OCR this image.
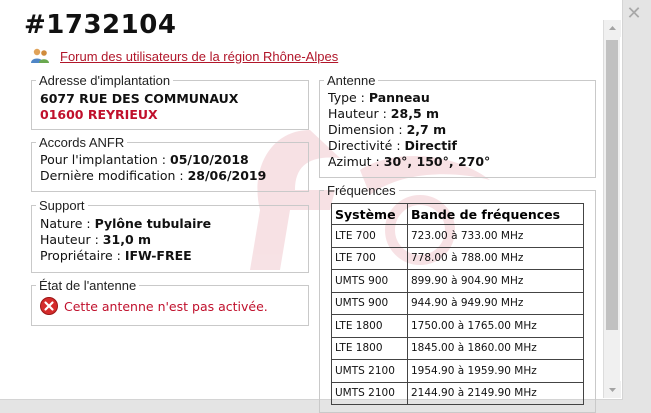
#1732104
Forum des utilisateurs de la région Rhône-Alpes
Adresse d'implantation
6077 RUE DES COMMUNAUX
01600 REYRIEUX
Accords ANFR
Pour l'implantation : 05/10/2018
Dernière modification : 28/06/2019
Support
Nature : Pylône tubulaire
Hauteur : 31,0 m
Propriétaire : IFW-FREE
État de l'antenne
Cette antenne n'est pas activée.
Antenne
Type : Panneau
Hauteur : 28,5 m
Dimension : 2,7 m
Directivité : Directif
Azimut : 30°, 150°, 270°
Fréquences
Système	Bande de fréquences
LTE 700	723.00 à 733.00 MHz
LTE 700	778.00 à 788.00 MHz
UMTS 900	899.90 à 904.90 MHz
UMTS 900	944.90 à 949.90 MHz
LTE 1800	1750.00 à 1765.00 MHz
LTE 1800	1845.00 à 1860.00 MHz
UMTS 2100	1954.90 à 1959.90 MHz
UMTS 2100	2144.90 à 2149.90 MHz
✕
